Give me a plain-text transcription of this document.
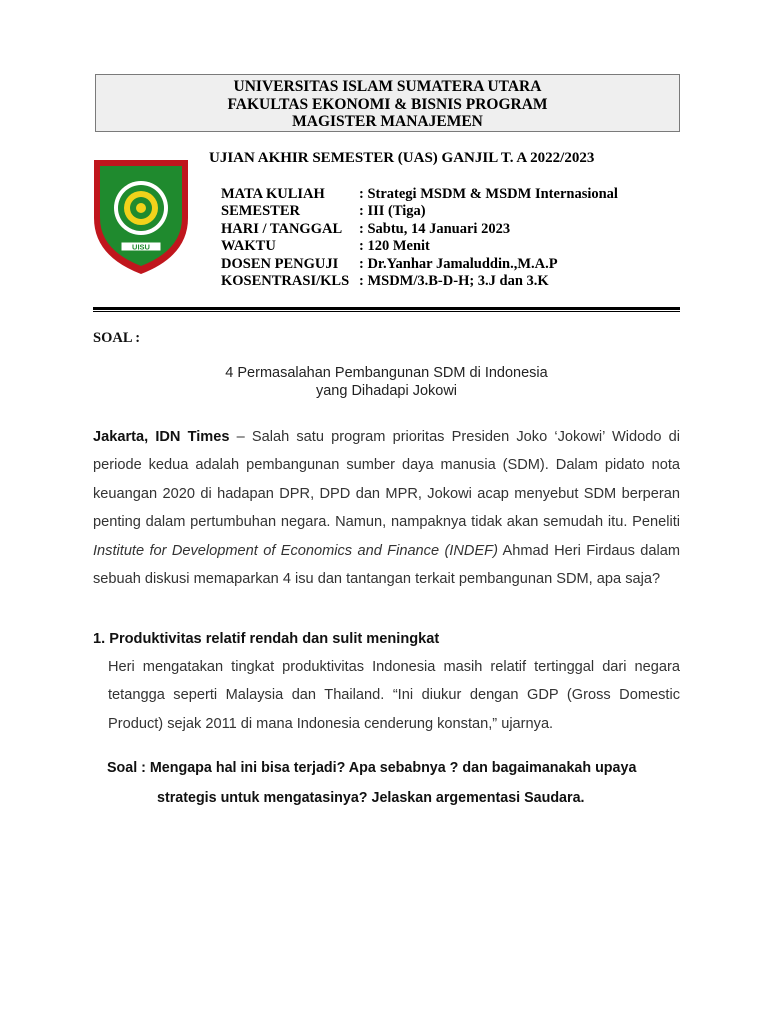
UNIVERSITAS ISLAM SUMATERA UTARA
FAKULTAS EKONOMI & BISNIS PROGRAM
MAGISTER MANAJEMEN
UISU
UJIAN AKHIR SEMESTER (UAS) GANJIL T. A 2022/2023
MATA KULIAH	: Strategi MSDM & MSDM Internasional
SEMESTER	: III (Tiga)
HARI / TANGGAL	: Sabtu, 14 Januari 2023
WAKTU	: 120 Menit
DOSEN PENGUJI	: Dr.Yanhar Jamaluddin.,M.A.P
KOSENTRASI/KLS : MSDM/3.B-D-H; 3.J dan 3.K
SOAL :
4 Permasalahan Pembangunan SDM di Indonesia
yang Dihadapi Jokowi
Jakarta, IDN Times – Salah satu program prioritas Presiden Joko ‘Jokowi’ Widodo di periode kedua adalah pembangunan sumber daya manusia (SDM). Dalam pidato nota keuangan 2020 di hadapan DPR, DPD dan MPR, Jokowi acap menyebut SDM berperan penting dalam pertumbuhan negara. Namun, nampaknya tidak akan semudah itu. Peneliti Institute for Development of Economics and Finance (INDEF) Ahmad Heri Firdaus dalam sebuah diskusi memaparkan 4 isu dan tantangan terkait pembangunan SDM, apa saja?
1. Produktivitas relatif rendah dan sulit meningkat
Heri mengatakan tingkat produktivitas Indonesia masih relatif tertinggal dari negara tetangga seperti Malaysia dan Thailand. “Ini diukur dengan GDP (Gross Domestic Product) sejak 2011 di mana Indonesia cenderung konstan,” ujarnya.
Soal : Mengapa hal ini bisa terjadi? Apa sebabnya ? dan bagaimanakah upaya
strategis untuk mengatasinya? Jelaskan argementasi Saudara.
